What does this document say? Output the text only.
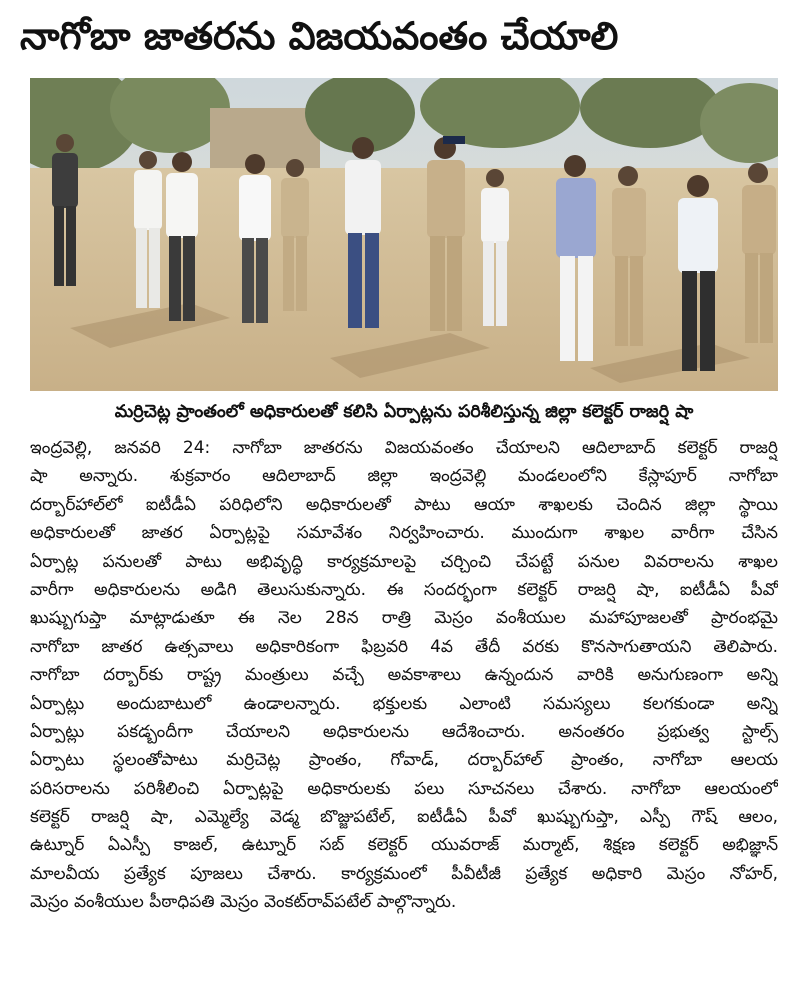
నాగోబా జాతరను విజయవంతం చేయాలి
మర్రిచెట్ల ప్రాంతంలో అధికారులతో కలిసి ఏర్పాట్లను పరిశీలిస్తున్న జిల్లా కలెక్టర్ రాజర్షి షా
ఇంద్రవెల్లి, జనవరి 24: నాగోబా జాతరను విజయవంతం చేయాలని ఆదిలాబాద్ కలెక్టర్ రాజర్షి
షా అన్నారు. శుక్రవారం ఆదిలాబాద్ జిల్లా ఇంద్రవెల్లి మండలంలోని కేస్లాపూర్ నాగోబా
దర్బార్‌హాల్‌లో ఐటీడీఏ పరిధిలోని అధికారులతో పాటు ఆయా శాఖలకు చెందిన జిల్లా స్థాయి
అధికారులతో జాతర ఏర్పాట్లపై సమావేశం నిర్వహించారు. ముందుగా శాఖల వారీగా చేసిన
ఏర్పాట్ల పనులతో పాటు అభివృద్ధి కార్యక్రమాలపై చర్చించి చేపట్టే పనుల వివరాలను శాఖల
వారీగా అధికారులను అడిగి తెలుసుకున్నారు. ఈ సందర్భంగా కలెక్టర్ రాజర్షి షా, ఐటీడీఏ పీవో
ఖుష్బుగుప్తా మాట్లాడుతూ ఈ నెల 28న రాత్రి మెస్రం వంశీయుల మహాపూజలతో ప్రారంభమై
నాగోబా జాతర ఉత్సవాలు అధికారికంగా ఫిబ్రవరి 4వ తేదీ వరకు కొనసాగుతాయని తెలిపారు.
నాగోబా దర్బార్‌కు రాష్ట్ర మంత్రులు వచ్చే అవకాశాలు ఉన్నందున వారికి అనుగుణంగా అన్ని
ఏర్పాట్లు అందుబాటులో ఉండాలన్నారు. భక్తులకు ఎలాంటి సమస్యలు కలగకుండా అన్ని
ఏర్పాట్లు పకడ్బందీగా చేయాలని అధికారులను ఆదేశించారు. అనంతరం ప్రభుత్వ స్టాల్స్
ఏర్పాటు స్థలంతోపాటు మర్రిచెట్ల ప్రాంతం, గోవాడ్, దర్బార్‌హాల్ ప్రాంతం, నాగోబా ఆలయ
పరిసరాలను పరిశీలించి ఏర్పాట్లపై అధికారులకు పలు సూచనలు చేశారు. నాగోబా ఆలయంలో
కలెక్టర్ రాజర్షి షా, ఎమ్మెల్యే వెడ్మ బొజ్జుపటేల్, ఐటీడీఏ పీవో ఖుష్బుగుప్తా, ఎస్పీ గౌష్ ఆలం,
ఉట్నూర్ ఏఎస్పీ కాజల్, ఉట్నూర్ సబ్ కలెక్టర్ యువరాజ్ మర్మాట్, శిక్షణ కలెక్టర్ అభిజ్ఞాన్
మాలవీయ ప్రత్యేక పూజలు చేశారు. కార్యక్రమంలో పీవీటీజీ ప్రత్యేక అధికారి మెస్రం నోహర్,
మెస్రం వంశీయుల పీఠాధిపతి మెస్రం వెంకట్‌రావ్‌పటేల్ పాల్గొన్నారు.
